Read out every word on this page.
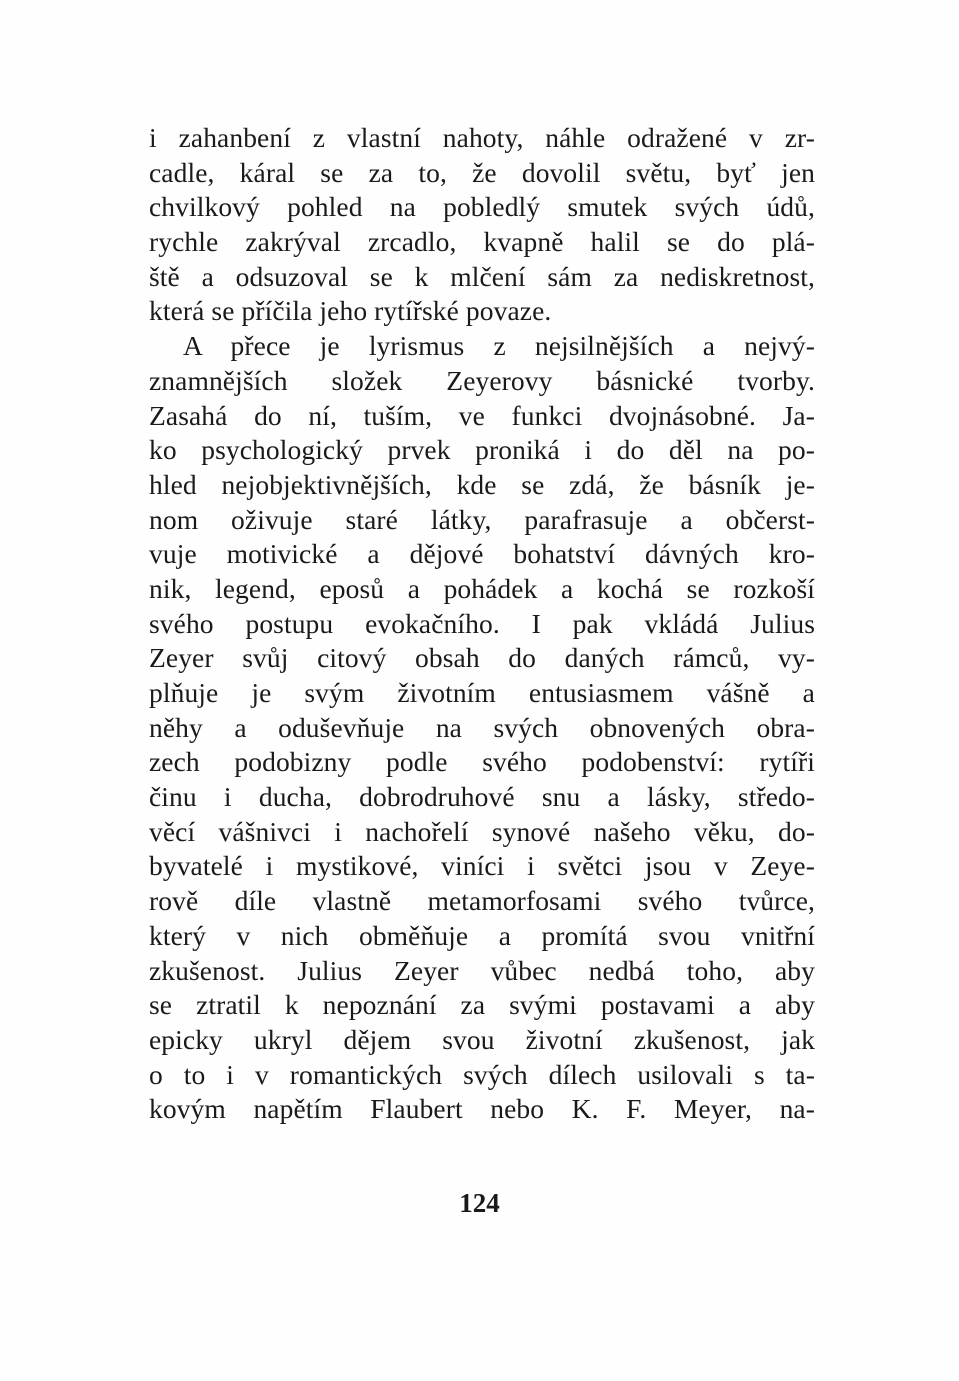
i zahanbení z vlastní nahoty, náhle odražené v zr-
cadle, káral se za to, že dovolil světu, byť jen
chvilkový pohled na pobledlý smutek svých údů,
rychle zakrýval zrcadlo, kvapně halil se do plá-
ště a odsuzoval se k mlčení sám za nediskretnost,
která se příčila jeho rytířské povaze.
A přece je lyrismus z nejsilnějších a nejvý-
znamnějších složek Zeyerovy básnické tvorby.
Zasahá do ní, tuším, ve funkci dvojnásobné. Ja-
ko psychologický prvek proniká i do děl na po-
hled nejobjektivnějších, kde se zdá, že básník je-
nom oživuje staré látky, parafrasuje a občerst-
vuje motivické a dějové bohatství dávných kro-
nik, legend, eposů a pohádek a kochá se rozkoší
svého postupu evokačního. I pak vkládá Julius
Zeyer svůj citový obsah do daných rámců, vy-
plňuje je svým životním entusiasmem vášně a
něhy a oduševňuje na svých obnovených obra-
zech podobizny podle svého podobenství: rytíři
činu i ducha, dobrodruhové snu a lásky, středo-
věcí vášnivci i nachořelí synové našeho věku, do-
byvatelé i mystikové, viníci i světci jsou v Zeye-
rově díle vlastně metamorfosami svého tvůrce,
který v nich obměňuje a promítá svou vnitřní
zkušenost. Julius Zeyer vůbec nedbá toho, aby
se ztratil k nepoznání za svými postavami a aby
epicky ukryl dějem svou životní zkušenost, jak
o to i v romantických svých dílech usilovali s ta-
kovým napětím Flaubert nebo K. F. Meyer, na-
124
